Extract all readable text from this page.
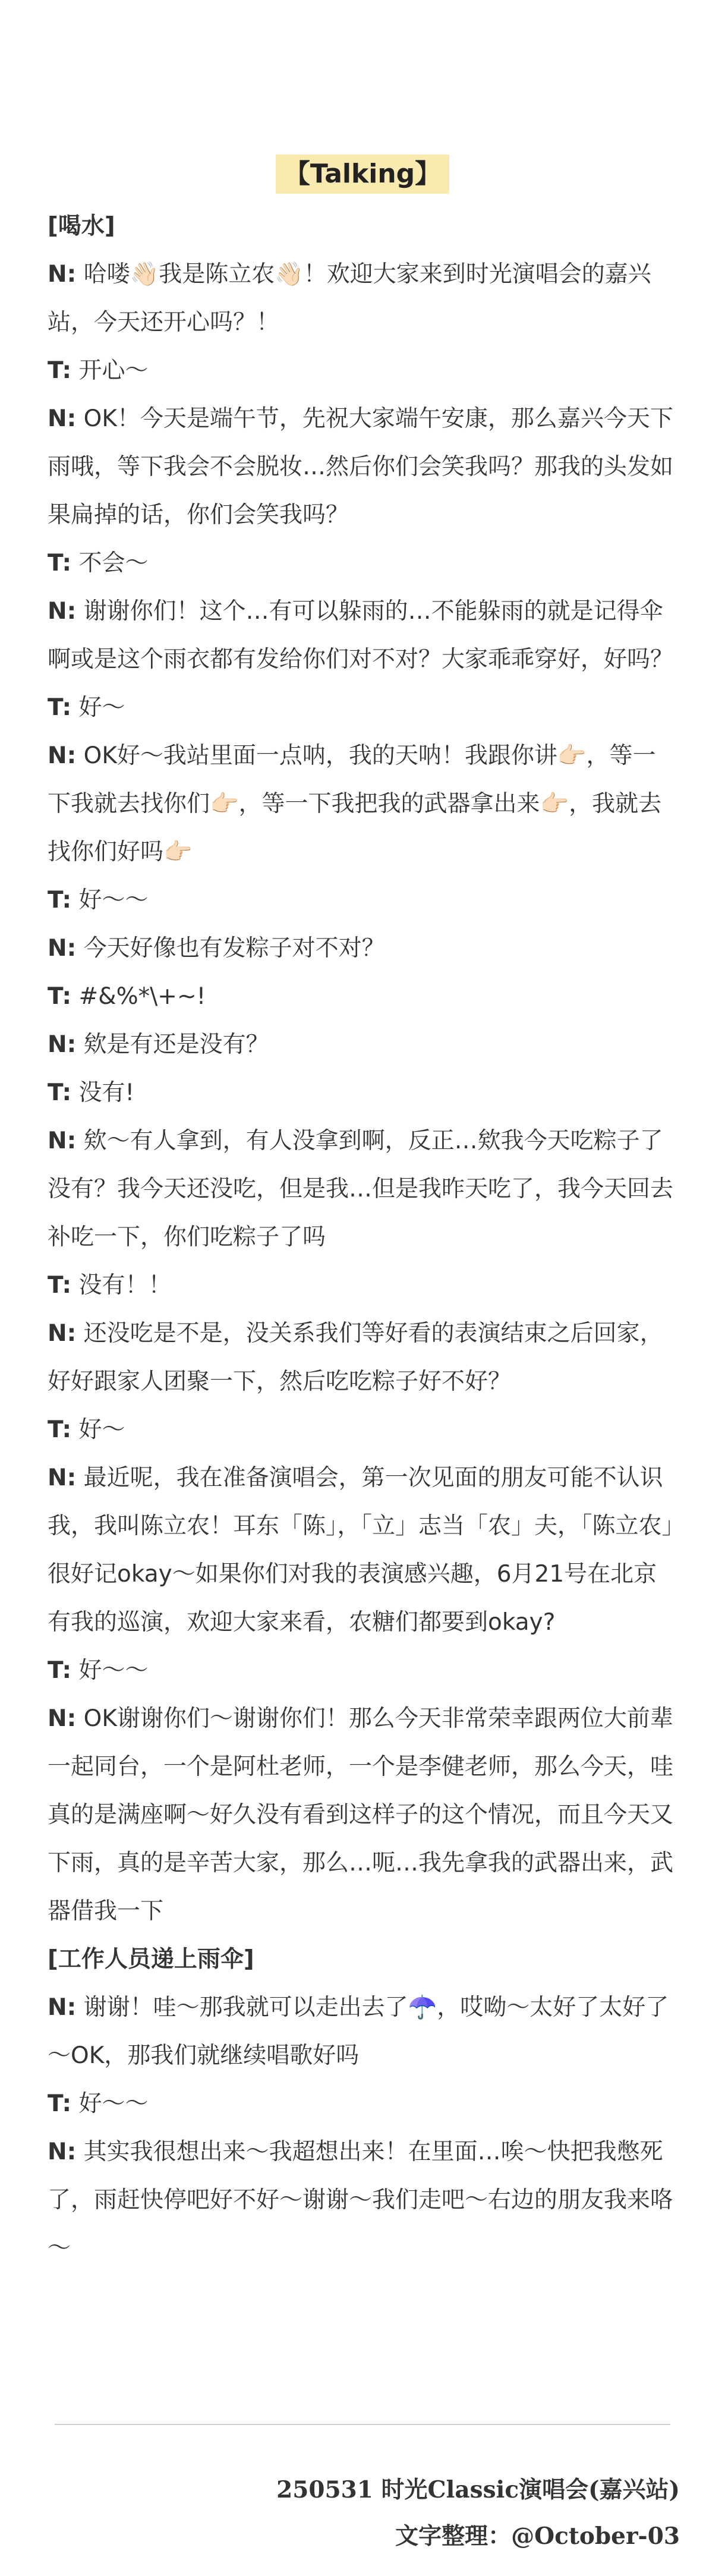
【Talking】

[喝水]

N: 哈喽👋🏻我是陈立农👋🏻！欢迎大家来到时光演唱会的嘉兴站，今天还开心吗？！

T: 开心～

N: OK！今天是端午节，先祝大家端午安康，那么嘉兴今天下雨哦，等下我会不会脱妆…然后你们会笑我吗？那我的头发如果扁掉的话，你们会笑我吗？

T: 不会～

N: 谢谢你们！这个…有可以躲雨的…不能躲雨的就是记得伞啊或是这个雨衣都有发给你们对不对？大家乖乖穿好，好吗？

T: 好～

N: OK好～我站里面一点呐，我的天呐！我跟你讲👉🏻，等一下我就去找你们👉🏻，等一下我把我的武器拿出来👉🏻，我就去找你们好吗👉🏻

T: 好～～

N: 今天好像也有发粽子对不对？

T: #&%*\+~!

N: 欸是有还是没有？

T: 没有!

N: 欸～有人拿到，有人没拿到啊，反正…欸我今天吃粽子了没有？我今天还没吃，但是我…但是我昨天吃了，我今天回去补吃一下，你们吃粽子了吗

T: 没有！！

N: 还没吃是不是，没关系我们等好看的表演结束之后回家，好好跟家人团聚一下，然后吃吃粽子好不好？

T: 好～

N: 最近呢，我在准备演唱会，第一次见面的朋友可能不认识我，我叫陈立农！耳东「陈」，「立」志当「农」夫，「陈立农」很好记okay～如果你们对我的表演感兴趣，6月21号在北京有我的巡演，欢迎大家来看，农糖们都要到okay?

T: 好～～

N: OK谢谢你们～谢谢你们！那么今天非常荣幸跟两位大前辈一起同台，一个是阿杜老师，一个是李健老师，那么今天，哇真的是满座啊～好久没有看到这样子的这个情况，而且今天又下雨，真的是辛苦大家，那么…呃…我先拿我的武器出来，武器借我一下

[工作人员递上雨伞]

N: 谢谢！哇～那我就可以走出去了☂️，哎呦～太好了太好了～OK，那我们就继续唱歌好吗

T: 好～～

N: 其实我很想出来～我超想出来！在里面…唉～快把我憋死了，雨赶快停吧好不好～谢谢～我们走吧～右边的朋友我来咯～

250531 时光Classic演唱会(嘉兴站)
文字整理：@October-03
